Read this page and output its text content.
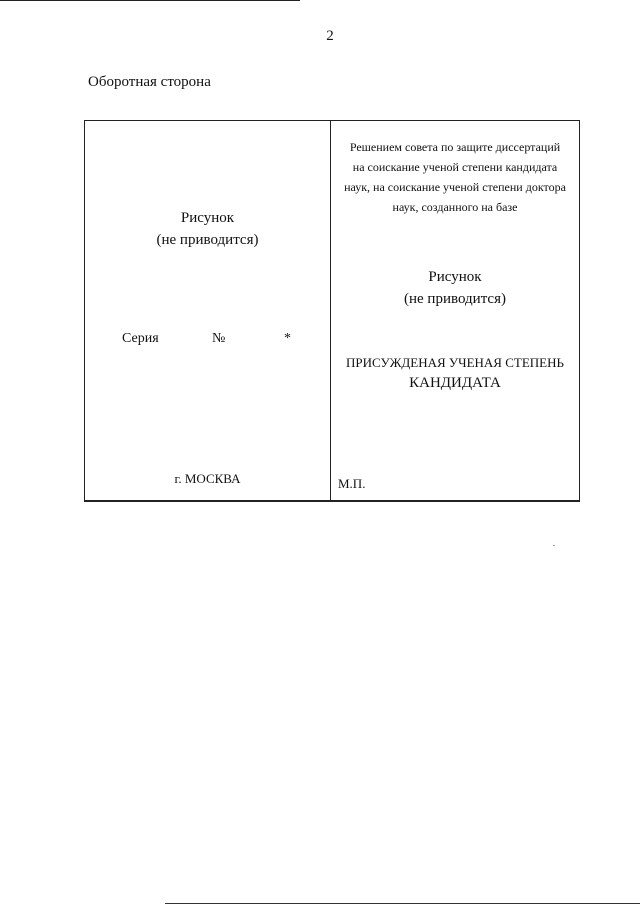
2
Оборотная сторона
Рисунок
(не приводится)
Серия	№	*
г. МОСКВА
Решением совета по защите диссертаций
на соискание ученой степени кандидата
наук, на соискание ученой степени доктора
наук, созданного на базе
Рисунок
(не приводится)
ПРИСУЖДЕНАЯ УЧЕНАЯ СТЕПЕНЬ
КАНДИДАТА
М.П.
